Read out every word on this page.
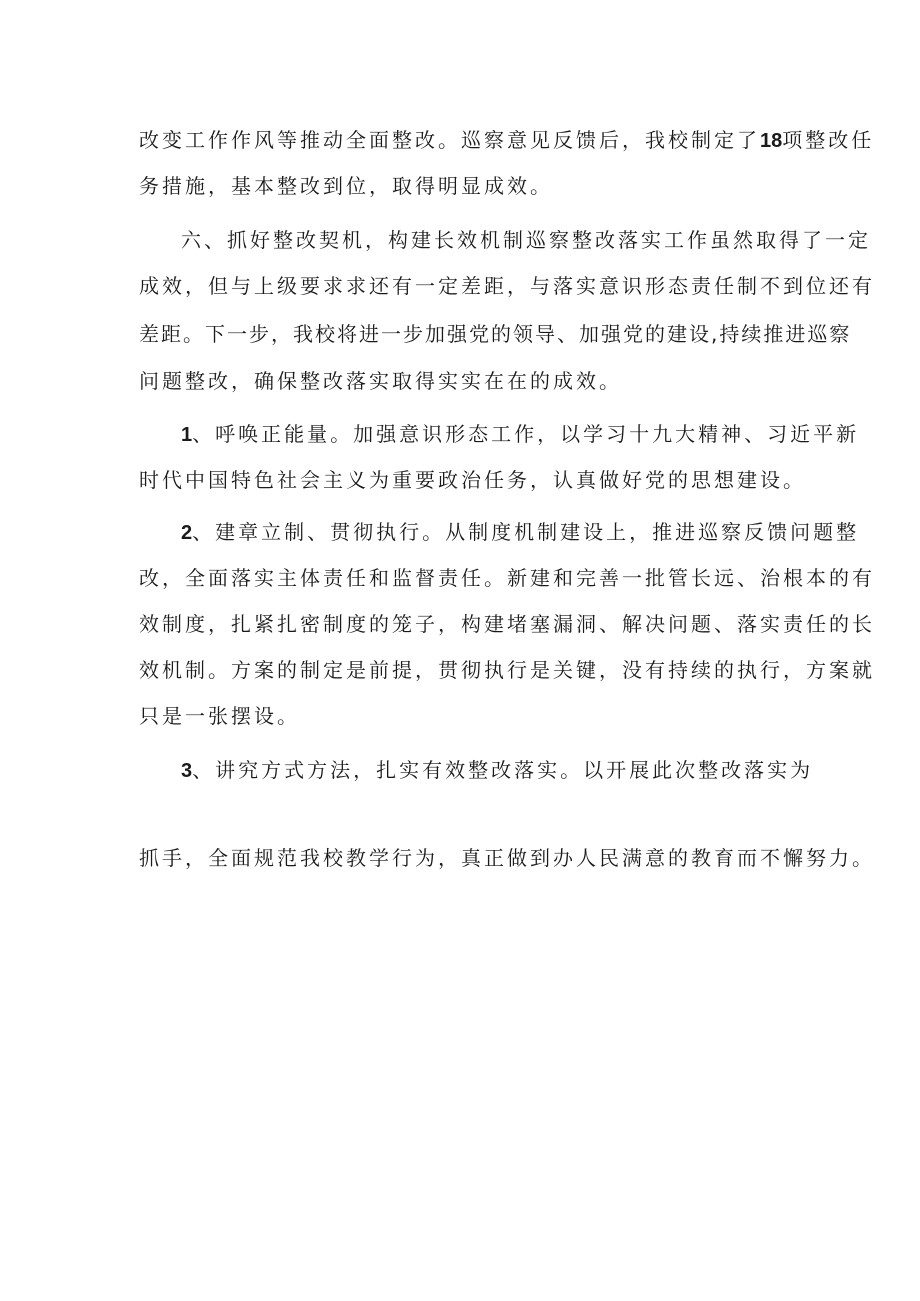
改变工作作风等推动全面整改。巡察意见反馈后，我校制定了18项整改任
务措施，基本整改到位，取得明显成效。
六、抓好整改契机，构建长效机制巡察整改落实工作虽然取得了一定
成效，但与上级要求求还有一定差距，与落实意识形态责任制不到位还有
差距。下一步，我校将进一步加强党的领导、加强党的建设,持续推进巡察
问题整改，确保整改落实取得实实在在的成效。
1、呼唤正能量。加强意识形态工作，以学习十九大精神、习近平新
时代中国特色社会主义为重要政治任务，认真做好党的思想建设。
2、建章立制、贯彻执行。从制度机制建设上，推进巡察反馈问题整
改，全面落实主体责任和监督责任。新建和完善一批管长远、治根本的有
效制度，扎紧扎密制度的笼子，构建堵塞漏洞、解决问题、落实责任的长
效机制。方案的制定是前提，贯彻执行是关键，没有持续的执行，方案就
只是一张摆设。
3、讲究方式方法，扎实有效整改落实。以开展此次整改落实为
抓手，全面规范我校教学行为，真正做到办人民满意的教育而不懈努力。
